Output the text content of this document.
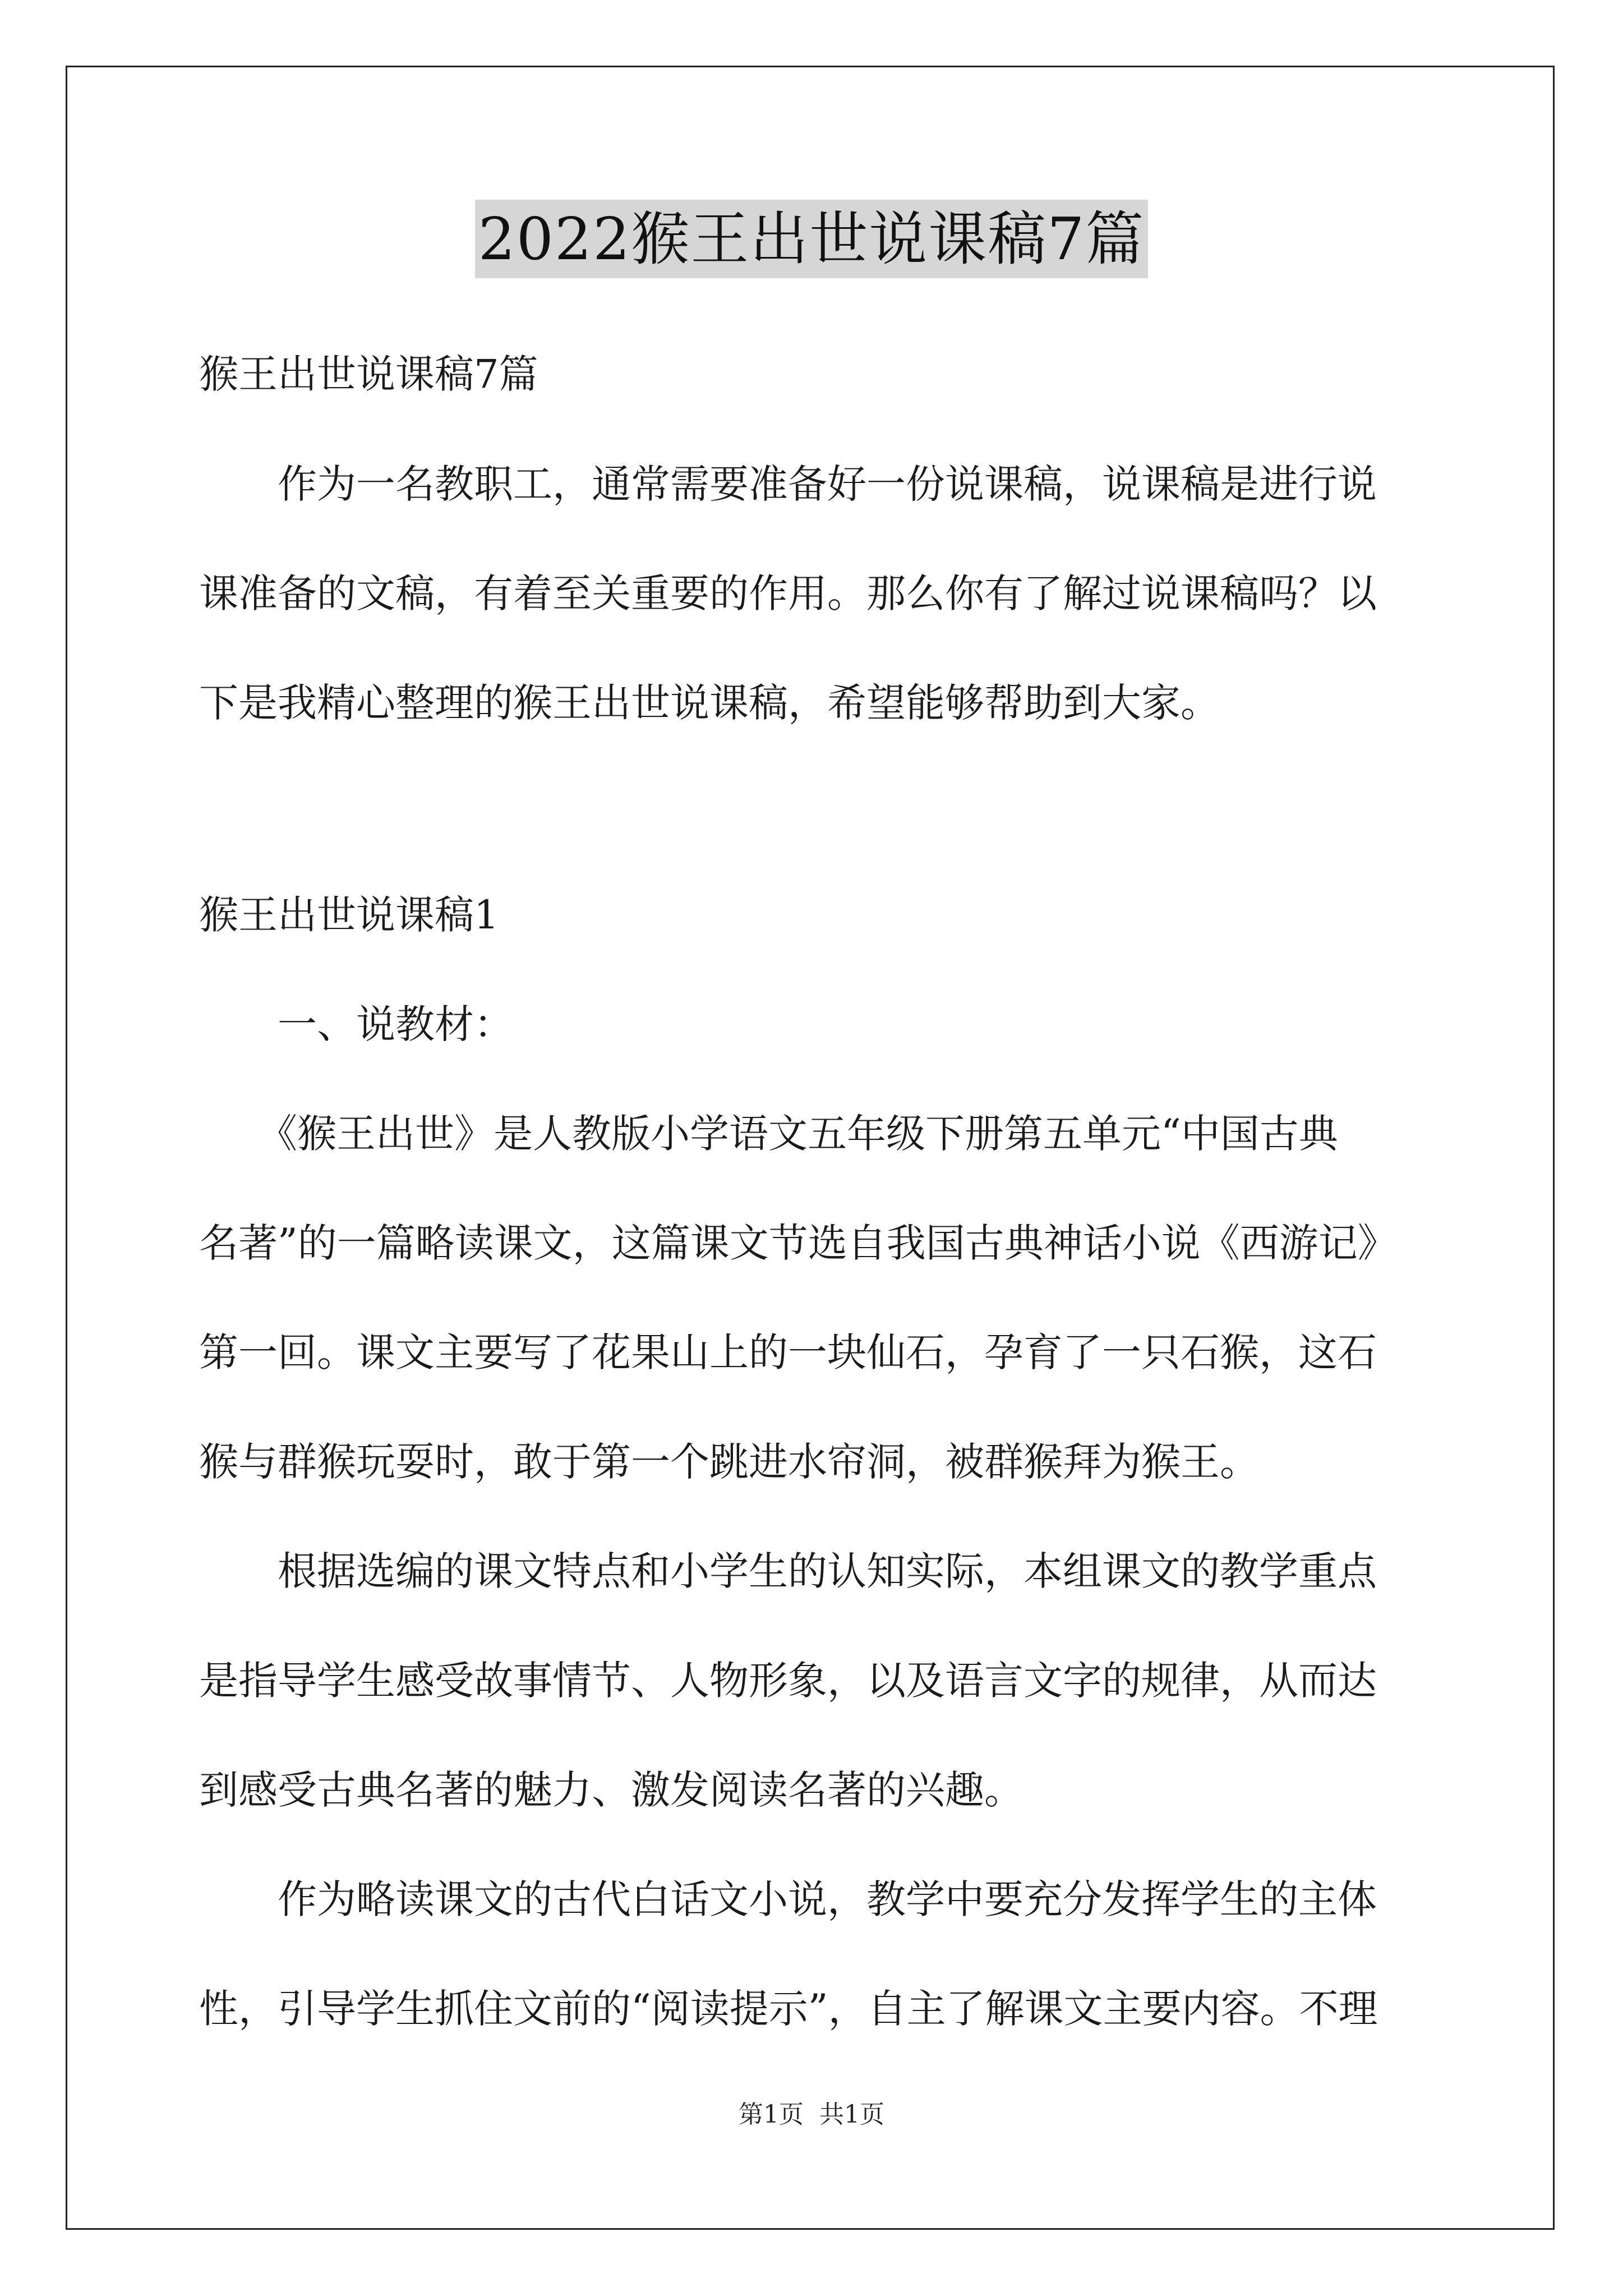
2022猴王出世说课稿7篇
猴王出世说课稿7篇
　　作为一名教职工，通常需要准备好一份说课稿，说课稿是进行说
课准备的文稿，有着至关重要的作用。那么你有了解过说课稿吗？以
下是我精心整理的猴王出世说课稿，希望能够帮助到大家。
猴王出世说课稿1
　　一、说教材：
　　《猴王出世》是人教版小学语文五年级下册第五单元“中国古典
名著”的一篇略读课文，这篇课文节选自我国古典神话小说《西游记》
第一回。课文主要写了花果山上的一块仙石，孕育了一只石猴，这石
猴与群猴玩耍时，敢于第一个跳进水帘洞，被群猴拜为猴王。
　　根据选编的课文特点和小学生的认知实际，本组课文的教学重点
是指导学生感受故事情节、人物形象，以及语言文字的规律，从而达
到感受古典名著的魅力、激发阅读名著的兴趣。
　　作为略读课文的古代白话文小说，教学中要充分发挥学生的主体
性，引导学生抓住文前的“阅读提示”，自主了解课文主要内容。不理
第1页 共1页
